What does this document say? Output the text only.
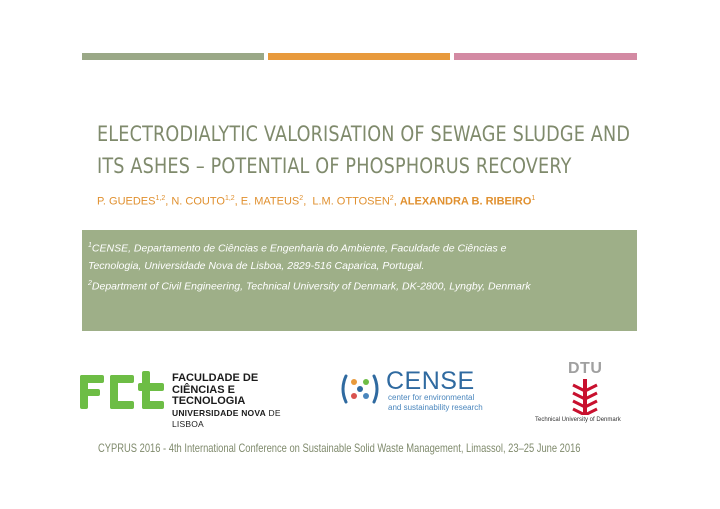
ELECTRODIALYTIC VALORISATION OF SEWAGE SLUDGE AND
ITS ASHES – POTENTIAL OF PHOSPHORUS RECOVERY
P. GUEDES$^{1,2}$, N. COUTO$^{1,2}$, E. MATEUS$^2$,  L.M. OTTOSEN$^2$, ALEXANDRA B. RIBEIRO$^1$
$^1$CENSE, Departamento de Ciências e Engenharia do Ambiente, Faculdade de Ciências e
Tecnologia, Universidade Nova de Lisboa, 2829-516 Caparica, Portugal.
$^2$Department of Civil Engineering, Technical University of Denmark, DK-2800, Lyngby, Denmark
FACULDADE DE
CIÊNCIAS E TECNOLOGIA
UNIVERSIDADE NOVA DE LISBOA
CENSE
center for environmental
and sustainability research
DTU
Technical University of Denmark
CYPRUS 2016 - 4th International Conference on Sustainable Solid Waste Management, Limassol, 23–25 June 2016
